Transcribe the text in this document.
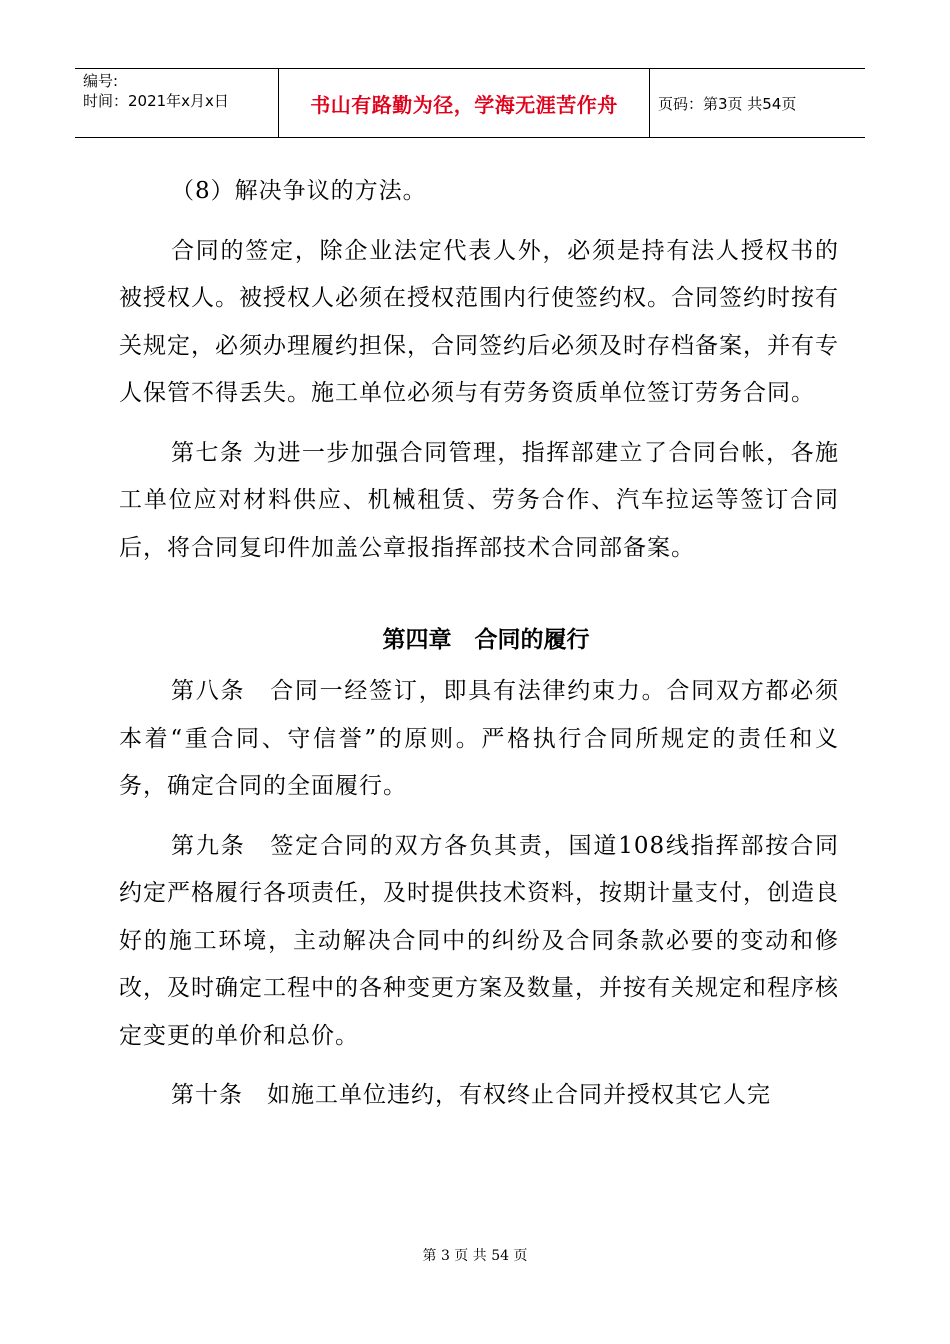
编号:
时间：2021年x月x日	书山有路勤为径，学海无涯苦作舟	页码：第3页 共54页

（8）解决争议的方法。

合同的签定，除企业法定代表人外，必须是持有法人授权书的被授权人。被授权人必须在授权范围内行使签约权。合同签约时按有关规定，必须办理履约担保，合同签约后必须及时存档备案，并有专人保管不得丢失。施工单位必须与有劳务资质单位签订劳务合同。

第七条 为进一步加强合同管理，指挥部建立了合同台帐，各施工单位应对材料供应、机械租赁、劳务合作、汽车拉运等签订合同后，将合同复印件加盖公章报指挥部技术合同部备案。

第四章　合同的履行

第八条　合同一经签订，即具有法律约束力。合同双方都必须本着“重合同、守信誉”的原则。严格执行合同所规定的责任和义务，确定合同的全面履行。

第九条　签定合同的双方各负其责，国道108线指挥部按合同约定严格履行各项责任，及时提供技术资料，按期计量支付，创造良好的施工环境，主动解决合同中的纠纷及合同条款必要的变动和修改，及时确定工程中的各种变更方案及数量，并按有关规定和程序核定变更的单价和总价。

第十条　如施工单位违约，有权终止合同并授权其它人完

第 3 页 共 54 页
